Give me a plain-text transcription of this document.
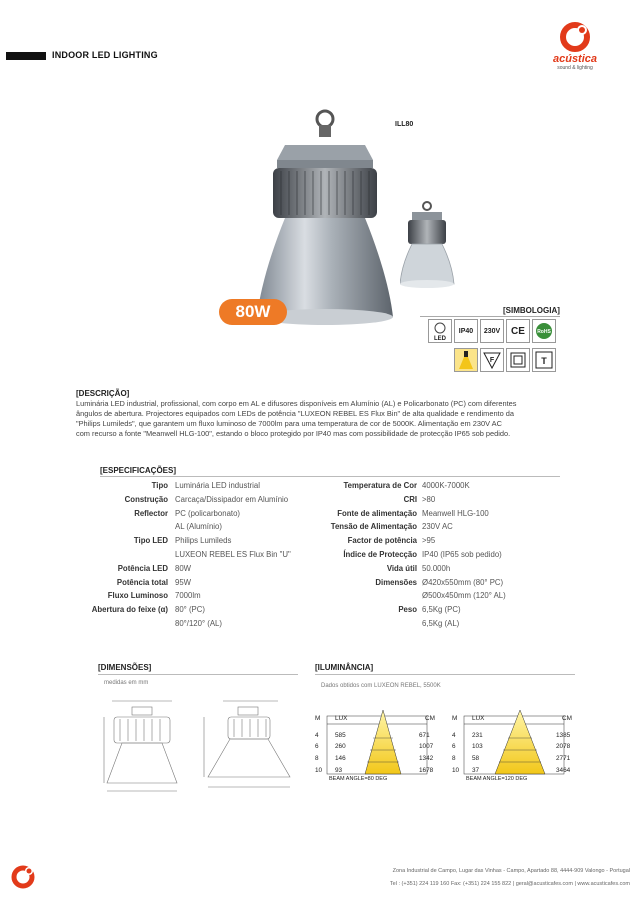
INDOOR LED LIGHTING	acústica
sound & lighting
ILL80
80W	[SIMBOLOGIA]
LED
IP40	230V	CE	RoHS
F	T
[DESCRIÇÃO]
Luminária LED industrial, profissional, com corpo em AL e difusores disponíveis em Alumínio (AL) e Policarbonato (PC) com diferentes
ângulos de abertura. Projectores equipados com LEDs de potência "LUXEON REBEL ES Flux Bin" de alta qualidade e rendimento da
"Philips Lumileds", que garantem um fluxo luminoso de 7000lm para uma temperatura de cor de 5000K. Alimentação em 230V AC
com recurso a fonte "Meanwell HLG-100", estando o bloco protegido por IP40 mas com possibilidade de protecção IP65 sob pedido.
[ESPECIFICAÇÕES]
Tipo Luminária LED industrial	Temperatura de Cor 4000K-7000K
Construção Carcaça/Dissipador em Alumínio	CRI >80
Reflector PC (policarbonato)	Fonte de alimentação Meanwell HLG-100
AL (Alumínio)	Tensão de Alimentação 230V AC
Tipo LED Philips Lumileds	Factor de potência >95
LUXEON REBEL ES Flux Bin "U"	Índice de Protecção IP40 (IP65 sob pedido)
Potência LED 80W	Vida útil 50.000h
Potência total 95W	Dimensões Ø420x550mm (80° PC)
Fluxo Luminoso 7000lm	Ø500x450mm (120° AL)
Abertura do feixe (α) 80° (PC)	Peso 6,5Kg (PC)
80°/120° (AL)	6,5Kg (AL)
[DIMENSÕES]
medidas em mm
[ILUMINÂNCIA]
Dados obtidos com LUXEON REBEL, 5500K
M LUX	CM
4	585	671
6	260	1007
8	146	1342
10 93	1678
BEAM ANGLE=80 DEG
M LUX	CM
4	231	1385
6	103	2078
8	58	2771
10 37	3464
BEAM ANGLE=120 DEG
Zona Industrial de Campo, Lugar das Vinhas - Campo, Apartado 88, 4444-909 Valongo - Portugal
Tel : (+351) 224 119 160 Fax: (+351) 224 155 822 | geral@acusticafes.com | www.acusticafes.com
